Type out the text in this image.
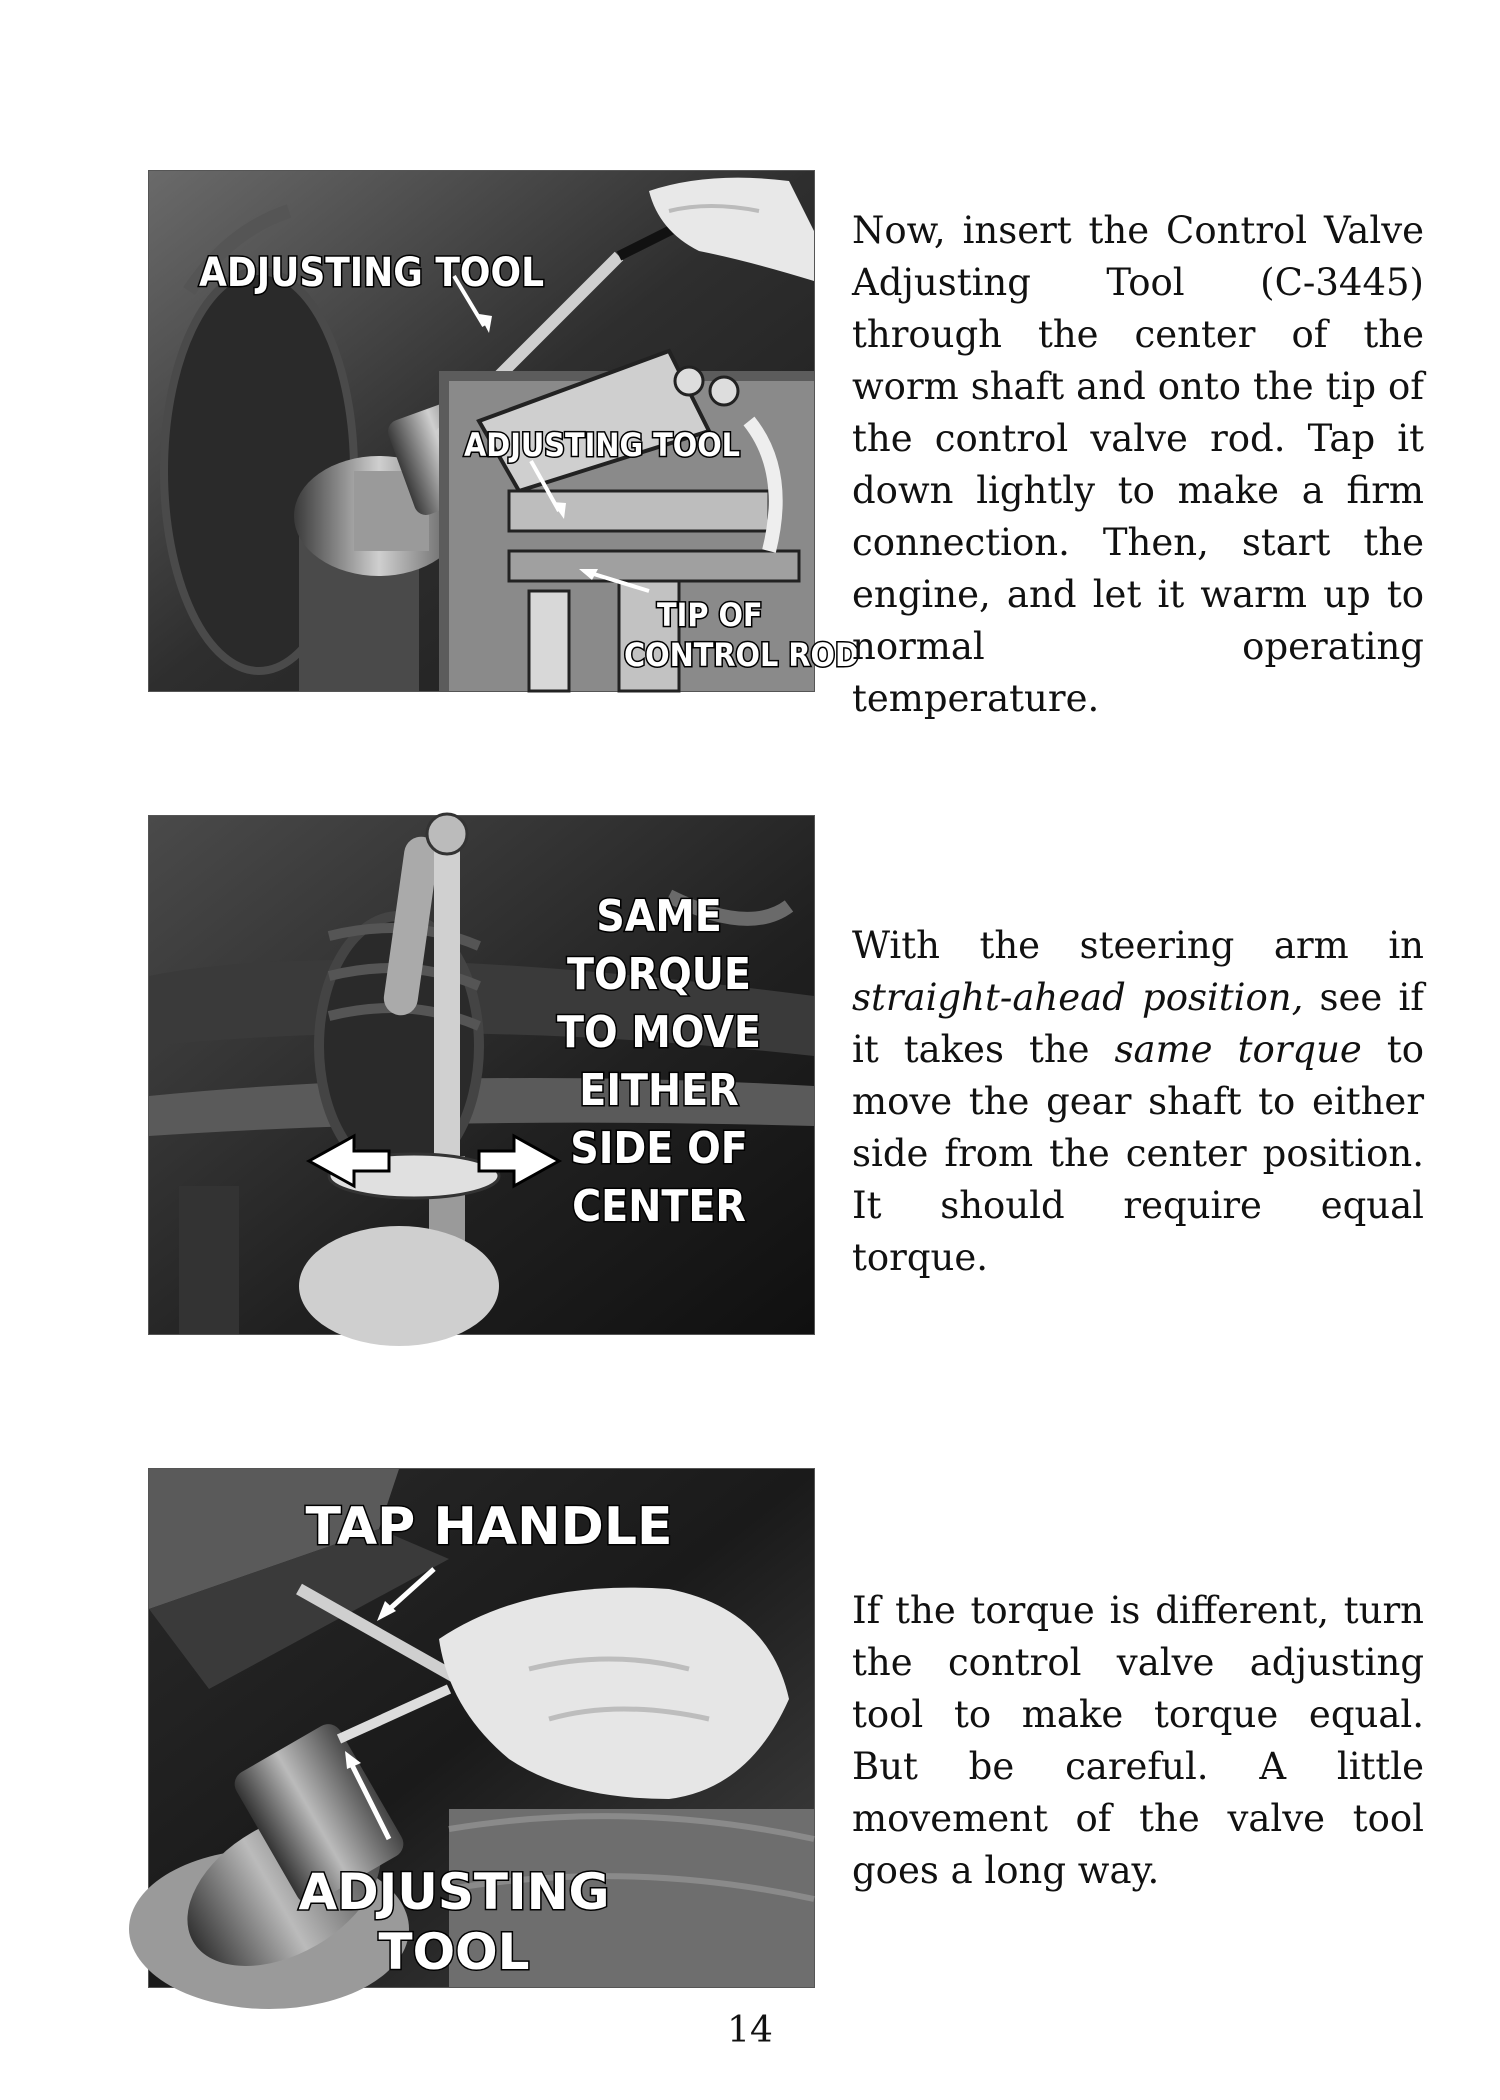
ADJUSTING TOOL
ADJUSTING TOOL
TIP OF
CONTROL ROD
Now, insert the Control Valve Adjusting Tool (C-3445) through the center of the worm shaft and onto the tip of the control valve rod. Tap it down lightly to make a firm connection. Then, start the engine, and let it warm up to normal operating temperature.
SAME
TORQUE
TO MOVE
EITHER
SIDE OF
CENTER
With the steering arm in straight-ahead position, see if it takes the same torque to move the gear shaft to either side from the center position. It should require equal torque.
TAP HANDLE
ADJUSTING
TOOL
If the torque is different, turn the control valve adjusting tool to make torque equal. But be careful. A little movement of the valve tool goes a long way.
14
